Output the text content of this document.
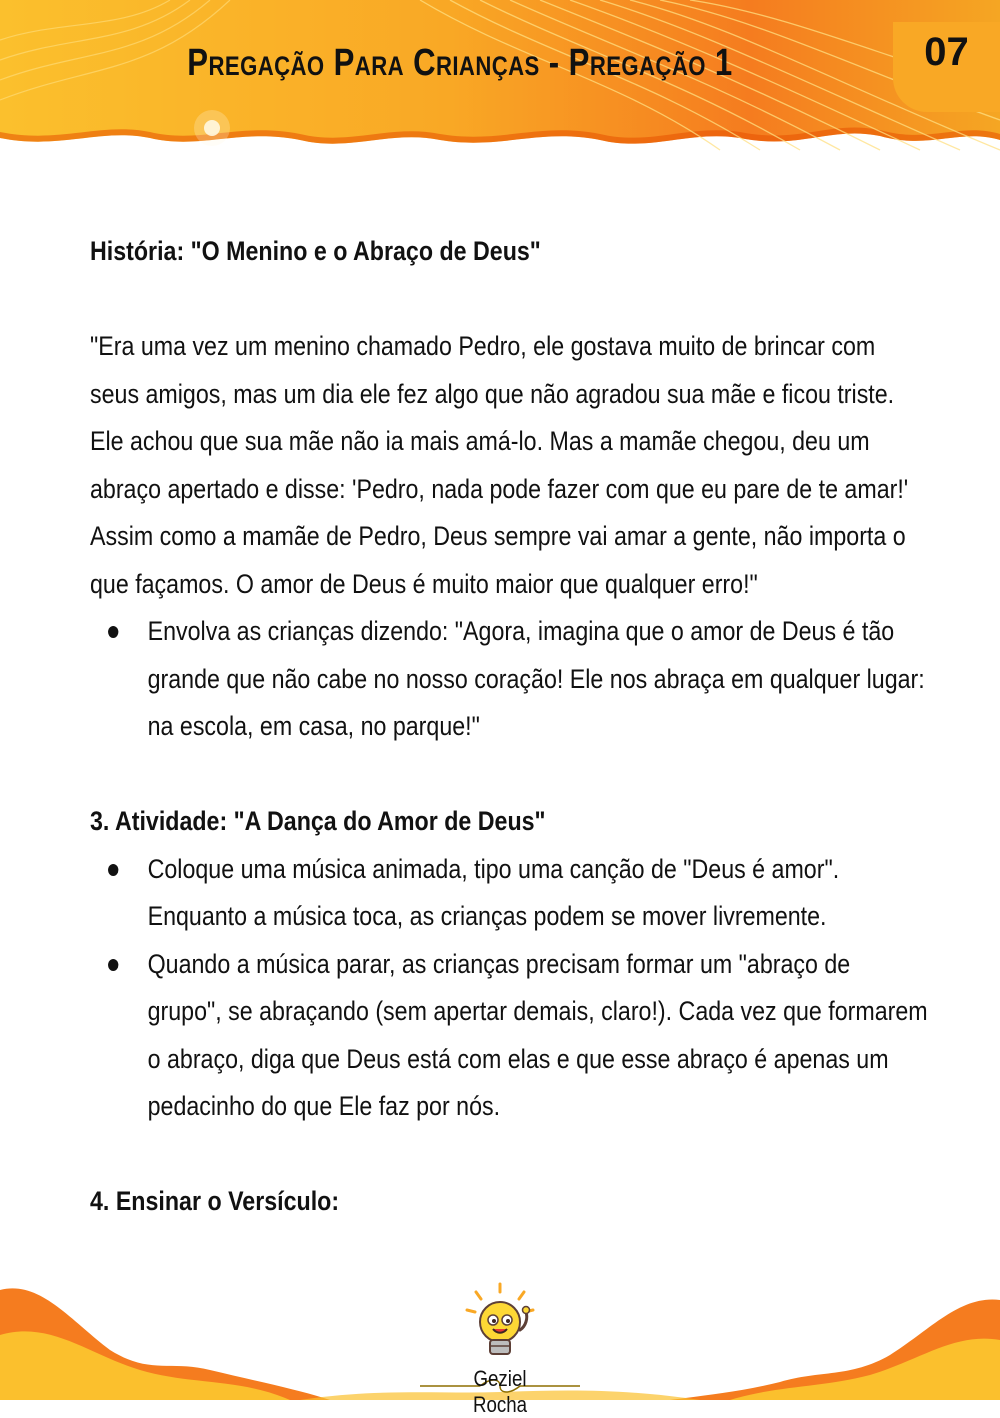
Pregação Para Crianças - Pregação 1	07

História: "O Menino e o Abraço de Deus"

"Era uma vez um menino chamado Pedro, ele gostava muito de brincar com seus amigos, mas um dia ele fez algo que não agradou sua mãe e ficou triste. Ele achou que sua mãe não ia mais amá-lo. Mas a mamãe chegou, deu um abraço apertado e disse: 'Pedro, nada pode fazer com que eu pare de te amar!' Assim como a mamãe de Pedro, Deus sempre vai amar a gente, não importa o que façamos. O amor de Deus é muito maior que qualquer erro!"

Envolva as crianças dizendo: "Agora, imagina que o amor de Deus é tão grande que não cabe no nosso coração! Ele nos abraça em qualquer lugar: na escola, em casa, no parque!"

3. Atividade: "A Dança do Amor de Deus"

Coloque uma música animada, tipo uma canção de "Deus é amor". Enquanto a música toca, as crianças podem se mover livremente.
Quando a música parar, as crianças precisam formar um "abraço de grupo", se abraçando (sem apertar demais, claro!). Cada vez que formarem o abraço, diga que Deus está com elas e que esse abraço é apenas um pedacinho do que Ele faz por nós.

4. Ensinar o Versículo:

Geziel Rocha
